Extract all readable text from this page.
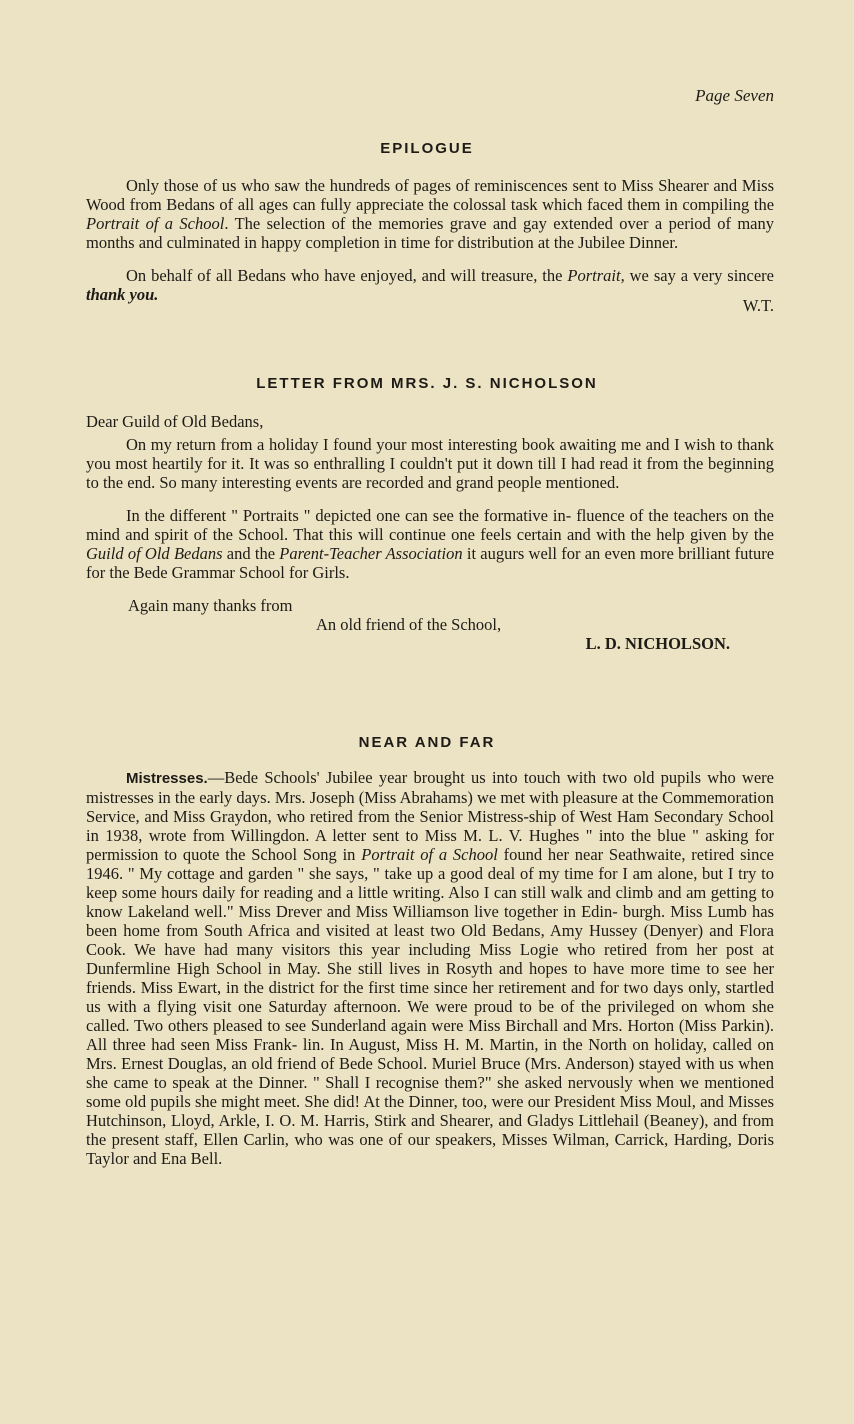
Page Seven
EPILOGUE

Only those of us who saw the hundreds of pages of reminiscences sent to Miss Shearer and Miss Wood from Bedans of all ages can fully appreciate the colossal task which faced them in compiling the Portrait of a School. The selection of the memories grave and gay extended over a period of many months and culminated in happy completion in time for distribution at the Jubilee Dinner.

On behalf of all Bedans who have enjoyed, and will treasure, the Portrait, we say a very sincere thank you.

W.T.
LETTER FROM MRS. J. S. NICHOLSON
Dear Guild of Old Bedans,

On my return from a holiday I found your most interesting book awaiting me and I wish to thank you most heartily for it. It was so enthralling I couldn't put it down till I had read it from the beginning to the end. So many interesting events are recorded and grand people mentioned.

In the different " Portraits " depicted one can see the formative in- fluence of the teachers on the mind and spirit of the School. That this will continue one feels certain and with the help given by the Guild of Old Bedans and the Parent-Teacher Association it augurs well for an even more brilliant future for the Bede Grammar School for Girls.

Again many thanks from
An old friend of the School,
L. D. NICHOLSON.
NEAR AND FAR

Mistresses.—Bede Schools' Jubilee year brought us into touch with two old pupils who were mistresses in the early days. Mrs. Joseph (Miss Abrahams) we met with pleasure at the Commemoration Service, and Miss Graydon, who retired from the Senior Mistress-ship of West Ham Secondary School in 1938, wrote from Willingdon. A letter sent to Miss M. L. V. Hughes " into the blue " asking for permission to quote the School Song in Portrait of a School found her near Seathwaite, retired since 1946. " My cottage and garden " she says, " take up a good deal of my time for I am alone, but I try to keep some hours daily for reading and a little writing. Also I can still walk and climb and am getting to know Lakeland well." Miss Drever and Miss Williamson live together in Edin- burgh. Miss Lumb has been home from South Africa and visited at least two Old Bedans, Amy Hussey (Denyer) and Flora Cook. We have had many visitors this year including Miss Logie who retired from her post at Dunfermline High School in May. She still lives in Rosyth and hopes to have more time to see her friends. Miss Ewart, in the district for the first time since her retirement and for two days only, startled us with a flying visit one Saturday afternoon. We were proud to be of the privileged on whom she called. Two others pleased to see Sunderland again were Miss Birchall and Mrs. Horton (Miss Parkin). All three had seen Miss Frank- lin. In August, Miss H. M. Martin, in the North on holiday, called on Mrs. Ernest Douglas, an old friend of Bede School. Muriel Bruce (Mrs. Anderson) stayed with us when she came to speak at the Dinner. " Shall I recognise them?" she asked nervously when we mentioned some old pupils she might meet. She did! At the Dinner, too, were our President Miss Moul, and Misses Hutchinson, Lloyd, Arkle, I. O. M. Harris, Stirk and Shearer, and Gladys Littlehail (Beaney), and from the present staff, Ellen Carlin, who was one of our speakers, Misses Wilman, Carrick, Harding, Doris Taylor and Ena Bell.
